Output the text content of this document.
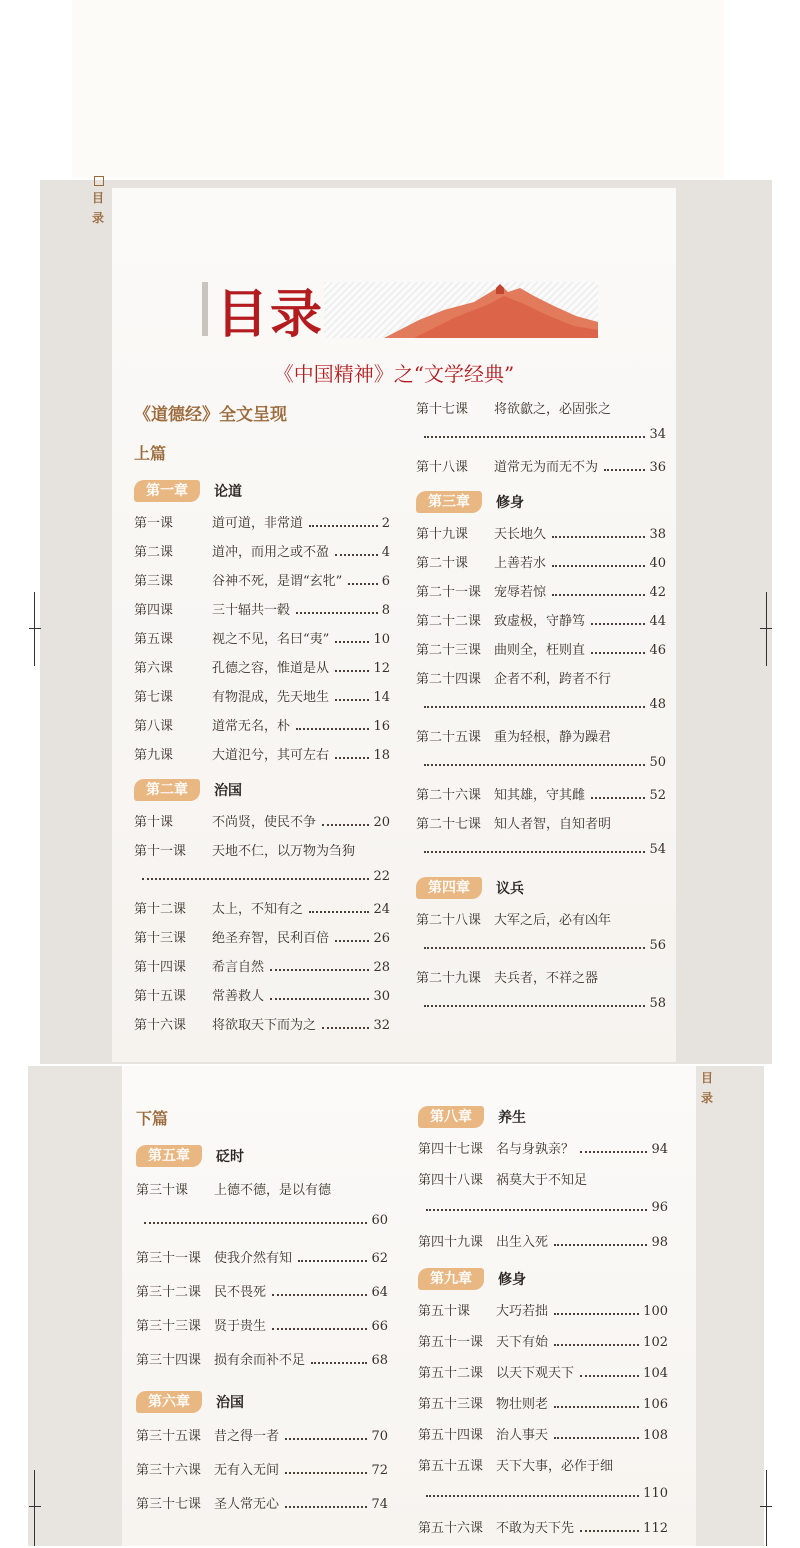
目
录
目录
《中国精神》之“文学经典”
《道德经》全文呈现
上篇
第一章	论道
第一课	道可道，非常道	2
第二课	道冲，而用之或不盈	4
第三课	谷神不死，是谓“玄牝”	6
第四课	三十辐共一毂	8
第五课	视之不见，名曰“夷”	10
第六课	孔德之容，惟道是从	12
第七课	有物混成，先天地生	14
第八课	道常无名，朴	16
第九课	大道氾兮，其可左右	18
第二章	治国
第十课	不尚贤，使民不争	20
第十一课	天地不仁，以万物为刍狗
22
第十二课	太上，不知有之	24
第十三课	绝圣弃智，民利百倍	26
第十四课	希言自然	28
第十五课	常善救人	30
第十六课	将欲取天下而为之	32
第十七课	将欲歙之，必固张之
34
第十八课	道常无为而无不为	36
第三章	修身
第十九课	天长地久	38
第二十课	上善若水	40
第二十一课 宠辱若惊	42
第二十二课 致虚极，守静笃	44
第二十三课 曲则全，枉则直	46
第二十四课 企者不利，跨者不行
48
第二十五课 重为轻根，静为躁君
50
第二十六课 知其雄，守其雌	52
第二十七课 知人者智，自知者明
54
第四章	议兵
第二十八课 大军之后，必有凶年
56
第二十九课 夫兵者，不祥之器
58
目
录
下篇
第五章	砭时
第三十课	上德不德，是以有德
60
第三十一课 使我介然有知	62
第三十二课 民不畏死	64
第三十三课 贤于贵生	66
第三十四课 损有余而补不足	68
第六章	治国
第三十五课 昔之得一者	70
第三十六课 无有入无间	72
第三十七课 圣人常无心	74
第八章	养生
第四十七课 名与身孰亲？	94
第四十八课 祸莫大于不知足
96
第四十九课 出生入死	98
第九章	修身
第五十课	大巧若拙	100
第五十一课 天下有始	102
第五十二课 以天下观天下	104
第五十三课 物壮则老	106
第五十四课 治人事天	108
第五十五课 天下大事，必作于细
110
第五十六课 不敢为天下先	112
